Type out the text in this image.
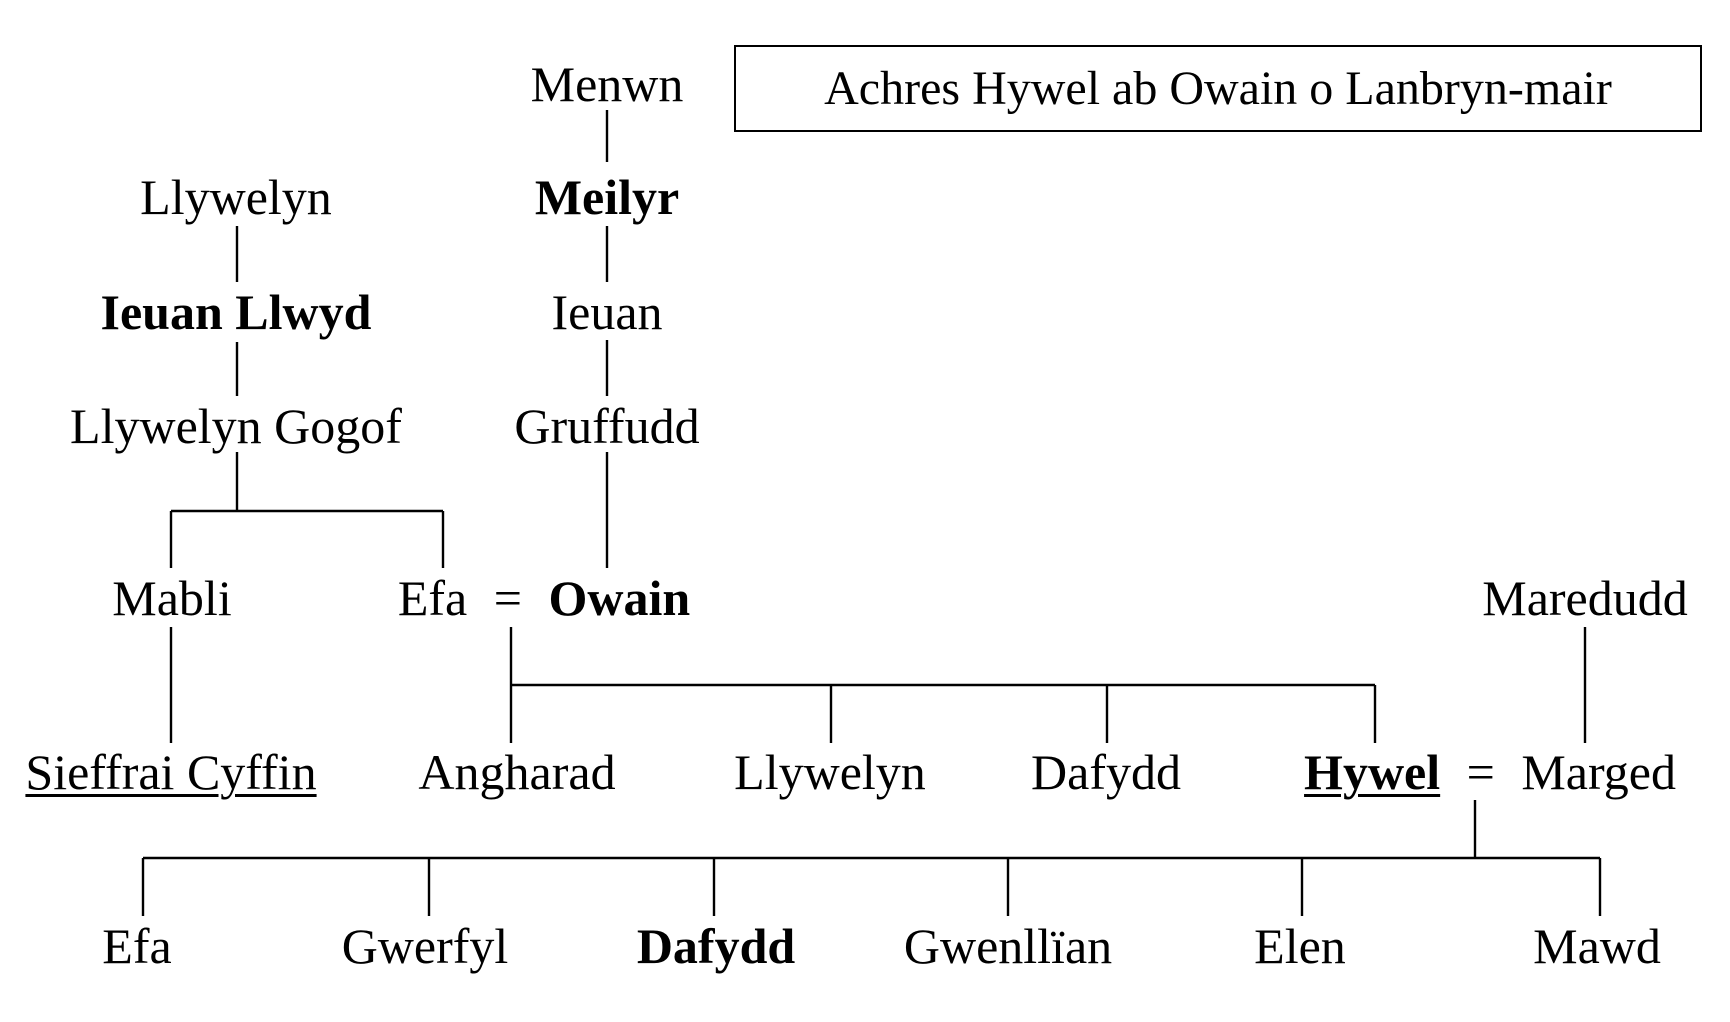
Achres Hywel ab Owain o Lanbryn-mair
Menwn
Meilyr
Ieuan
Gruffudd
Llywelyn
Ieuan Llwyd
Llywelyn Gogof
Mabli	Efa = Owain	Maredudd
Sieffrai Cyffin Angharad Llywelyn Dafydd Hywel = Marged
Efa	Gwerfyl	Dafydd Gwenllïan	Elen	Mawd
